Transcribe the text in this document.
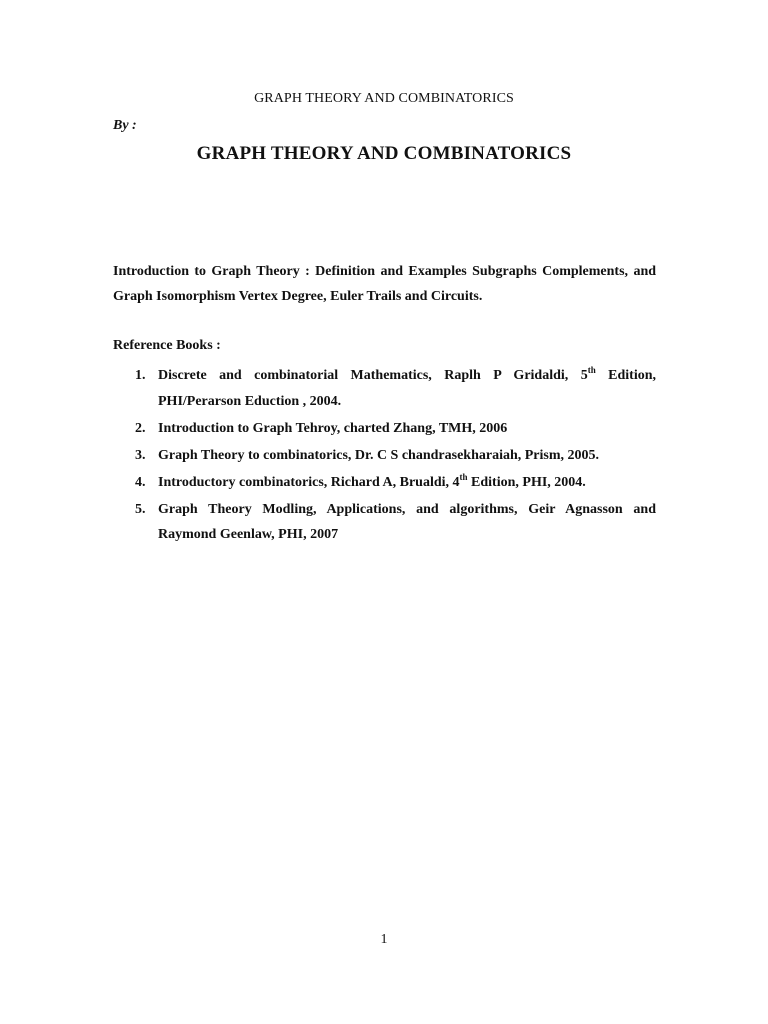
GRAPH THEORY AND COMBINATORICS
By :
GRAPH THEORY AND COMBINATORICS
Introduction to Graph Theory : Definition and Examples Subgraphs Complements, and Graph Isomorphism Vertex Degree, Euler Trails and Circuits.
Reference Books :
1. Discrete and combinatorial Mathematics, Raplh P Gridaldi, 5th Edition, PHI/Perarson Eduction , 2004.
2. Introduction to Graph Tehroy, charted Zhang, TMH, 2006
3. Graph Theory to combinatorics, Dr. C S chandrasekharaiah, Prism, 2005.
4. Introductory combinatorics, Richard A, Brualdi, 4th Edition, PHI, 2004.
5. Graph Theory Modling, Applications, and algorithms, Geir Agnasson and Raymond Geenlaw, PHI, 2007
1
